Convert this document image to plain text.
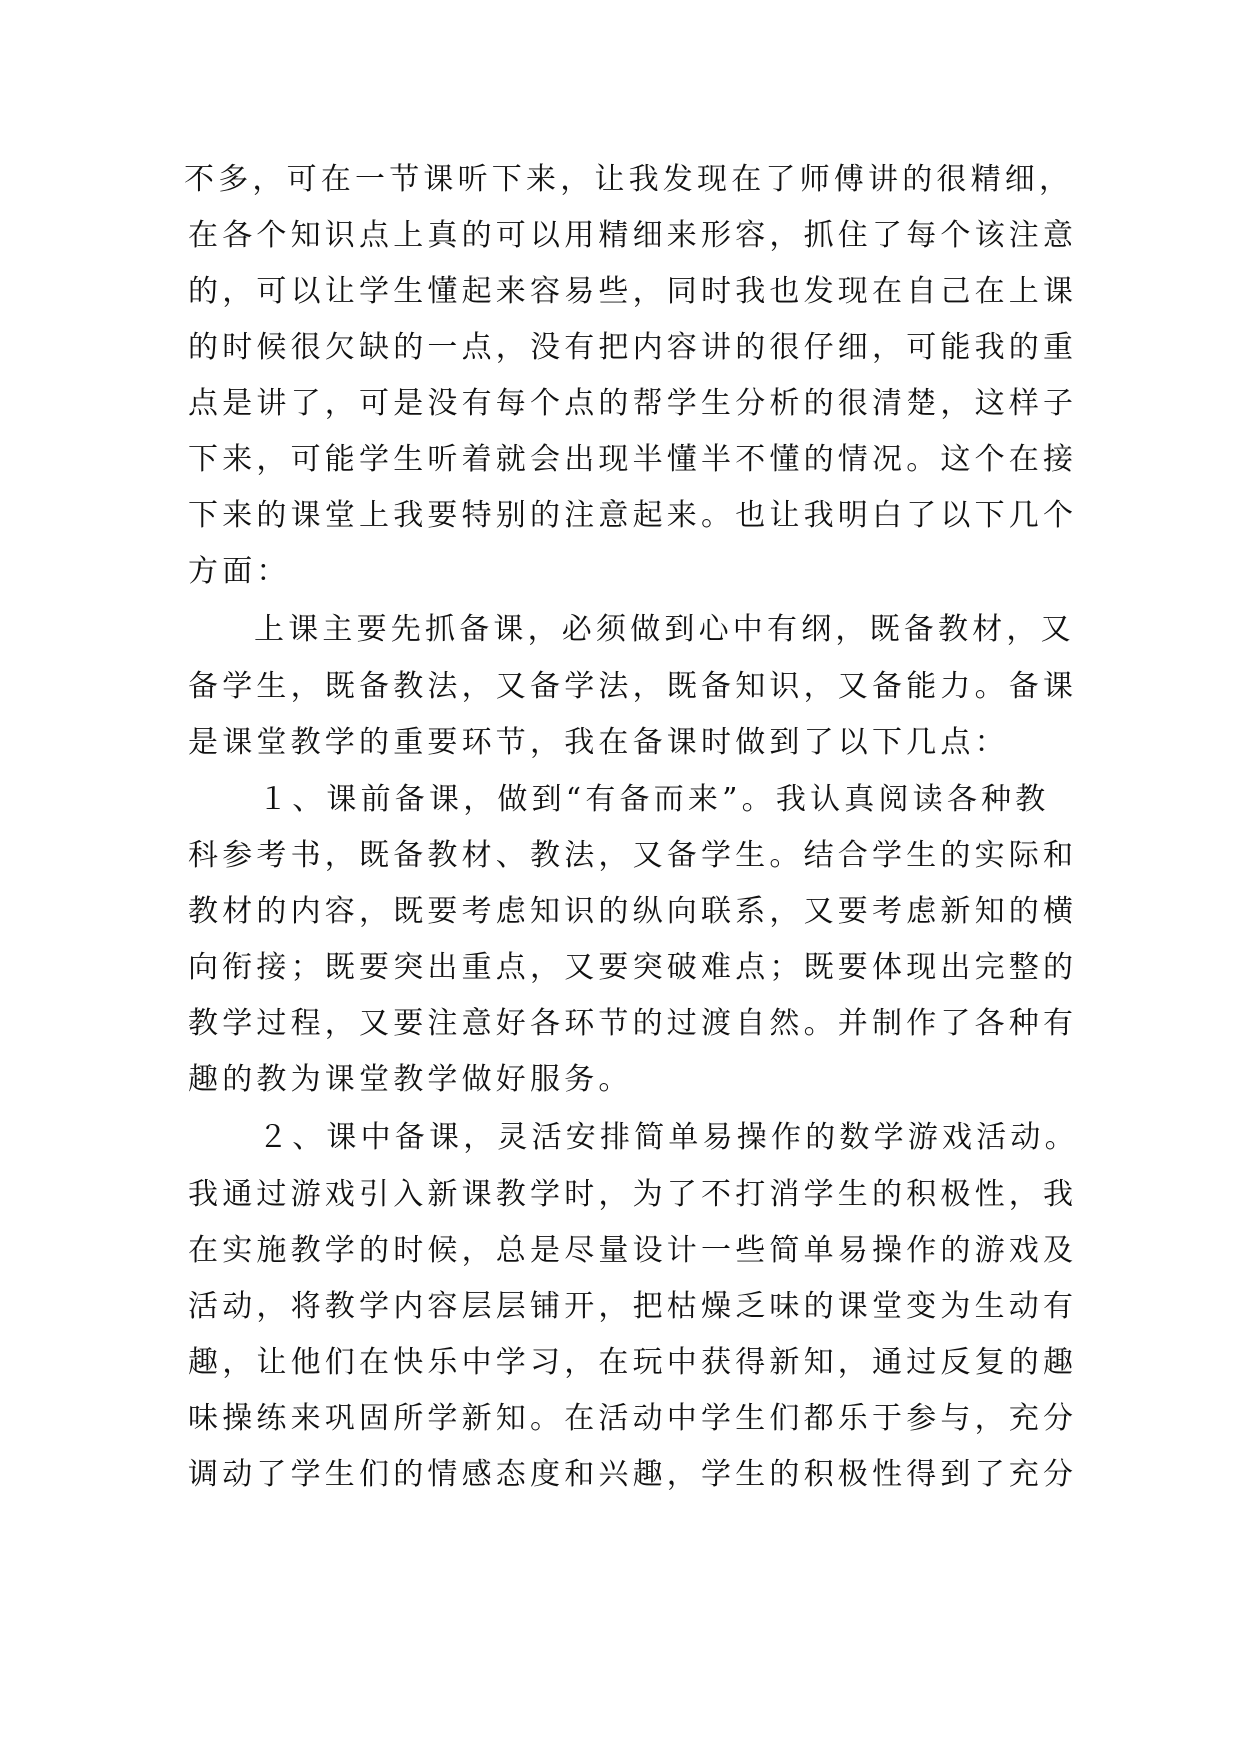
不多，可在一节课听下来，让我发现在了师傅讲的很精细，
在各个知识点上真的可以用精细来形容，抓住了每个该注意
的，可以让学生懂起来容易些，同时我也发现在自己在上课
的时候很欠缺的一点，没有把内容讲的很仔细，可能我的重
点是讲了，可是没有每个点的帮学生分析的很清楚，这样子
下来，可能学生听着就会出现半懂半不懂的情况。这个在接
下来的课堂上我要特别的注意起来。也让我明白了以下几个
方面：
上课主要先抓备课，必须做到心中有纲，既备教材，又
备学生，既备教法，又备学法，既备知识，又备能力。备课
是课堂教学的重要环节，我在备课时做到了以下几点：
１、课前备课，做到“有备而来”。我认真阅读各种教
科参考书，既备教材、教法，又备学生。结合学生的实际和
教材的内容，既要考虑知识的纵向联系，又要考虑新知的横
向衔接；既要突出重点，又要突破难点；既要体现出完整的
教学过程，又要注意好各环节的过渡自然。并制作了各种有
趣的教为课堂教学做好服务。
２、课中备课，灵活安排简单易操作的数学游戏活动。
我通过游戏引入新课教学时，为了不打消学生的积极性，我
在实施教学的时候，总是尽量设计一些简单易操作的游戏及
活动，将教学内容层层铺开，把枯燥乏味的课堂变为生动有
趣，让他们在快乐中学习，在玩中获得新知，通过反复的趣
味操练来巩固所学新知。在活动中学生们都乐于参与，充分
调动了学生们的情感态度和兴趣，学生的积极性得到了充分
